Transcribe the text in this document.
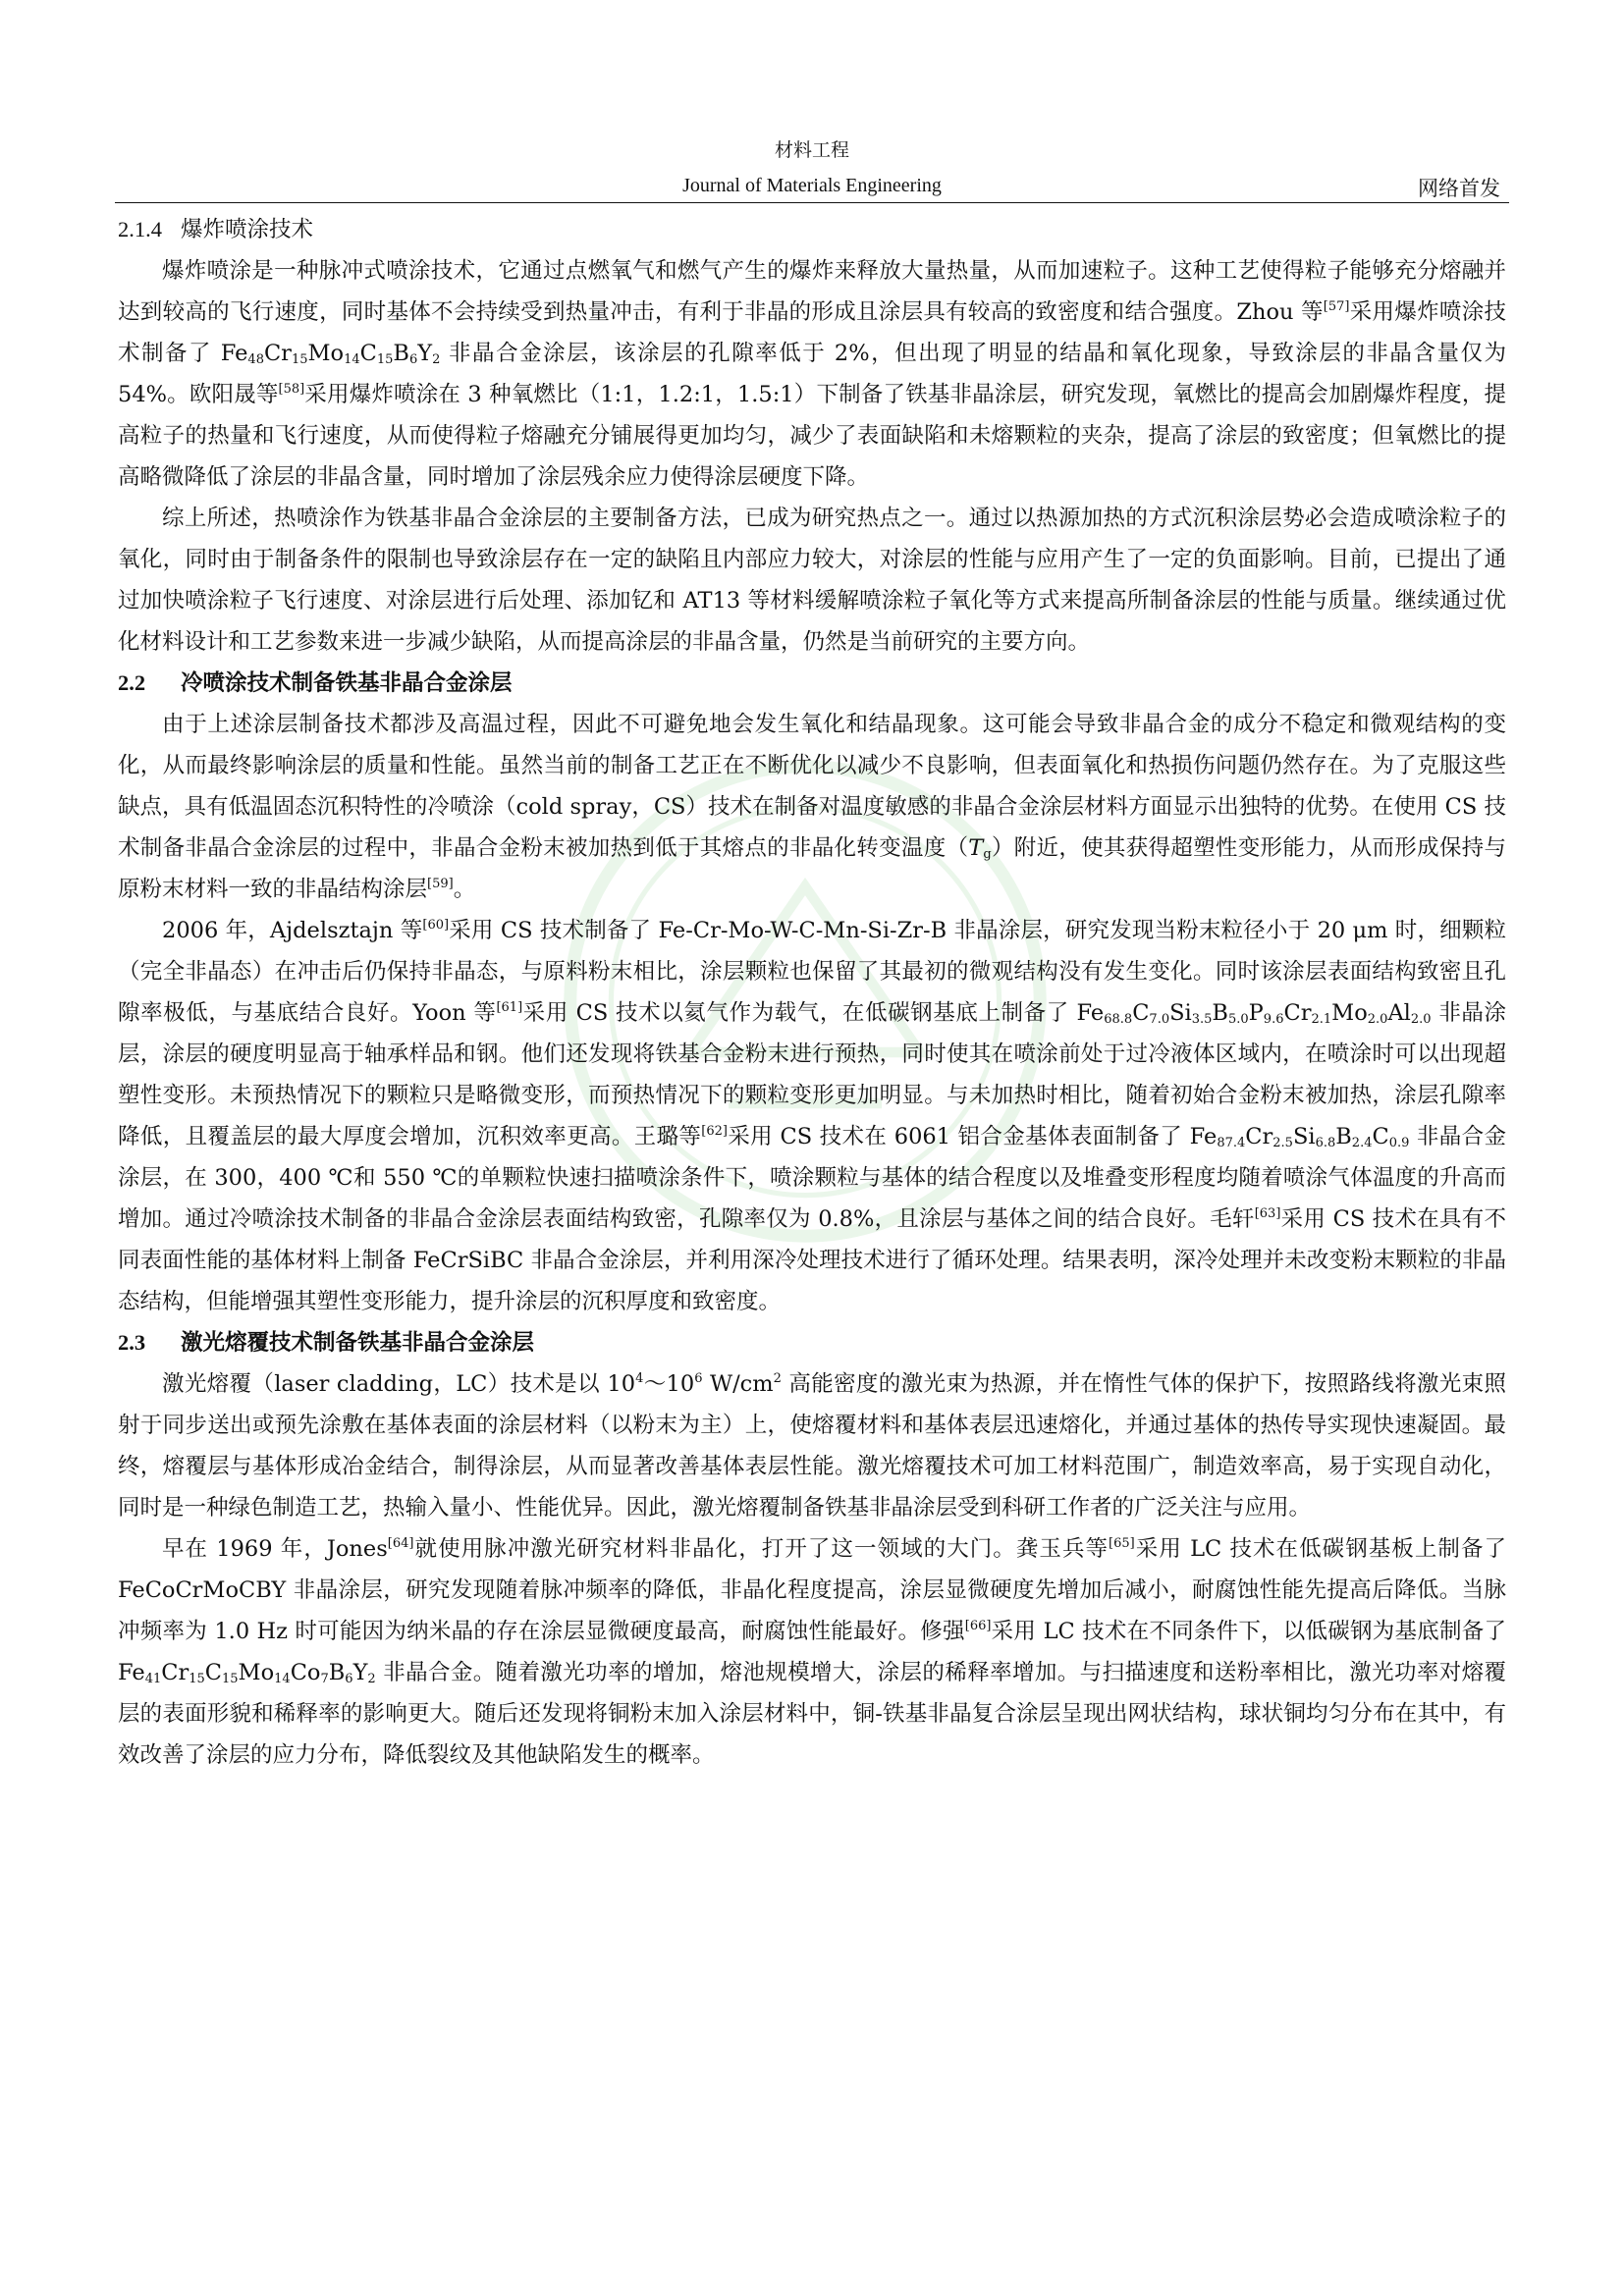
材料工程
Journal of Materials Engineering	网络首发
2.1.4 爆炸喷涂技术

爆炸喷涂是一种脉冲式喷涂技术，它通过点燃氧气和燃气产生的爆炸来释放大量热量，从而加速粒子。这种工艺使得粒子能够充分熔融并达到较高的飞行速度，同时基体不会持续受到热量冲击，有利于非晶的形成且涂层具有较高的致密度和结合强度。Zhou 等[57]采用爆炸喷涂技术制备了 $Fe_{48}Cr_{15}Mo_{14}C_{15}B_6Y_2$ 非晶合金涂层，该涂层的孔隙率低于 2%，但出现了明显的结晶和氧化现象，导致涂层的非晶含量仅为 54%。欧阳晟等[58]采用爆炸喷涂在 3 种氧燃比（1:1，1.2:1，1.5:1）下制备了铁基非晶涂层，研究发现，氧燃比的提高会加剧爆炸程度，提高粒子的热量和飞行速度，从而使得粒子熔融充分铺展得更加均匀，减少了表面缺陷和未熔颗粒的夹杂，提高了涂层的致密度；但氧燃比的提高略微降低了涂层的非晶含量，同时增加了涂层残余应力使得涂层硬度下降。

综上所述，热喷涂作为铁基非晶合金涂层的主要制备方法，已成为研究热点之一。通过以热源加热的方式沉积涂层势必会造成喷涂粒子的氧化，同时由于制备条件的限制也导致涂层存在一定的缺陷且内部应力较大，对涂层的性能与应用产生了一定的负面影响。目前，已提出了通过加快喷涂粒子飞行速度、对涂层进行后处理、添加钇和 AT13 等材料缓解喷涂粒子氧化等方式来提高所制备涂层的性能与质量。继续通过优化材料设计和工艺参数来进一步减少缺陷，从而提高涂层的非晶含量，仍然是当前研究的主要方向。

2.2 冷喷涂技术制备铁基非晶合金涂层

由于上述涂层制备技术都涉及高温过程，因此不可避免地会发生氧化和结晶现象。这可能会导致非晶合金的成分不稳定和微观结构的变化，从而最终影响涂层的质量和性能。虽然当前的制备工艺正在不断优化以减少不良影响，但表面氧化和热损伤问题仍然存在。为了克服这些缺点，具有低温固态沉积特性的冷喷涂（cold spray，CS）技术在制备对温度敏感的非晶合金涂层材料方面显示出独特的优势。在使用 CS 技术制备非晶合金涂层的过程中，非晶合金粉末被加热到低于其熔点的非晶化转变温度$(T_g)$附近，使其获得超塑性变形能力，从而形成保持与原粉末材料一致的非晶结构涂层[59]。

2006 年，Ajdelsztajn 等[60]采用 CS 技术制备了 Fe-Cr-Mo-W-C-Mn-Si-Zr-B 非晶涂层，研究发现当粉末粒径小于 20 μm 时，细颗粒（完全非晶态）在冲击后仍保持非晶态，与原料粉末相比，涂层颗粒也保留了其最初的微观结构没有发生变化。同时该涂层表面结构致密且孔隙率极低，与基底结合良好。Yoon 等[61]采用 CS 技术以氦气作为载气，在低碳钢基底上制备了 $Fe_{68.8}C_{7.0}Si_{3.5}B_{5.0}P_{9.6}Cr_{2.1}Mo_{2.0}Al_{2.0}$ 非晶涂层，涂层的硬度明显高于轴承样品和钢。他们还发现将铁基合金粉末进行预热，同时使其在喷涂前处于过冷液体区域内，在喷涂时可以出现超塑性变形。未预热情况下的颗粒只是略微变形，而预热情况下的颗粒变形更加明显。与未加热时相比，随着初始合金粉末被加热，涂层孔隙率降低，且覆盖层的最大厚度会增加，沉积效率更高。王璐等[62]采用 CS 技术在 6061 铝合金基体表面制备了 $Fe_{87.4}Cr_{2.5}Si_{6.8}B_{2.4}C_{0.9}$ 非晶合金涂层，在 300，400 ℃和 550 ℃的单颗粒快速扫描喷涂条件下，喷涂颗粒与基体的结合程度以及堆叠变形程度均随着喷涂气体温度的升高而增加。通过冷喷涂技术制备的非晶合金涂层表面结构致密，孔隙率仅为 0.8%，且涂层与基体之间的结合良好。毛轩[63]采用 CS 技术在具有不同表面性能的基体材料上制备 FeCrSiBC 非晶合金涂层，并利用深冷处理技术进行了循环处理。结果表明，深冷处理并未改变粉末颗粒的非晶态结构，但能增强其塑性变形能力，提升涂层的沉积厚度和致密度。

2.3 激光熔覆技术制备铁基非晶合金涂层

激光熔覆（laser cladding，LC）技术是以 $10^4\sim 10^6$ $W/cm^2$ 高能密度的激光束为热源，并在惰性气体的保护下，按照路线将激光束照射于同步送出或预先涂敷在基体表面的涂层材料（以粉末为主）上，使熔覆材料和基体表层迅速熔化，并通过基体的热传导实现快速凝固。最终，熔覆层与基体形成冶金结合，制得涂层，从而显著改善基体表层性能。激光熔覆技术可加工材料范围广，制造效率高，易于实现自动化，同时是一种绿色制造工艺，热输入量小、性能优异。因此，激光熔覆制备铁基非晶涂层受到科研工作者的广泛关注与应用。

早在 1969 年，Jones[64]就使用脉冲激光研究材料非晶化，打开了这一领域的大门。龚玉兵等[65]采用 LC 技术在低碳钢基板上制备了 FeCoCrMoCBY 非晶涂层，研究发现随着脉冲频率的降低，非晶化程度提高，涂层显微硬度先增加后减小，耐腐蚀性能先提高后降低。当脉冲频率为 1.0 Hz 时可能因为纳米晶的存在涂层显微硬度最高，耐腐蚀性能最好。修强[66]采用 LC 技术在不同条件下，以低碳钢为基底制备了 $Fe_{41}Cr_{15}C_{15}Mo_{14}Co_7B_6Y_2$ 非晶合金。随着激光功率的增加，熔池规模增大，涂层的稀释率增加。与扫描速度和送粉率相比，激光功率对熔覆层的表面形貌和稀释率的影响更大。随后还发现将铜粉末加入涂层材料中，铜-铁基非晶复合涂层呈现出网状结构，球状铜均匀分布在其中，有效改善了涂层的应力分布，降低裂纹及其他缺陷发生的概率。
